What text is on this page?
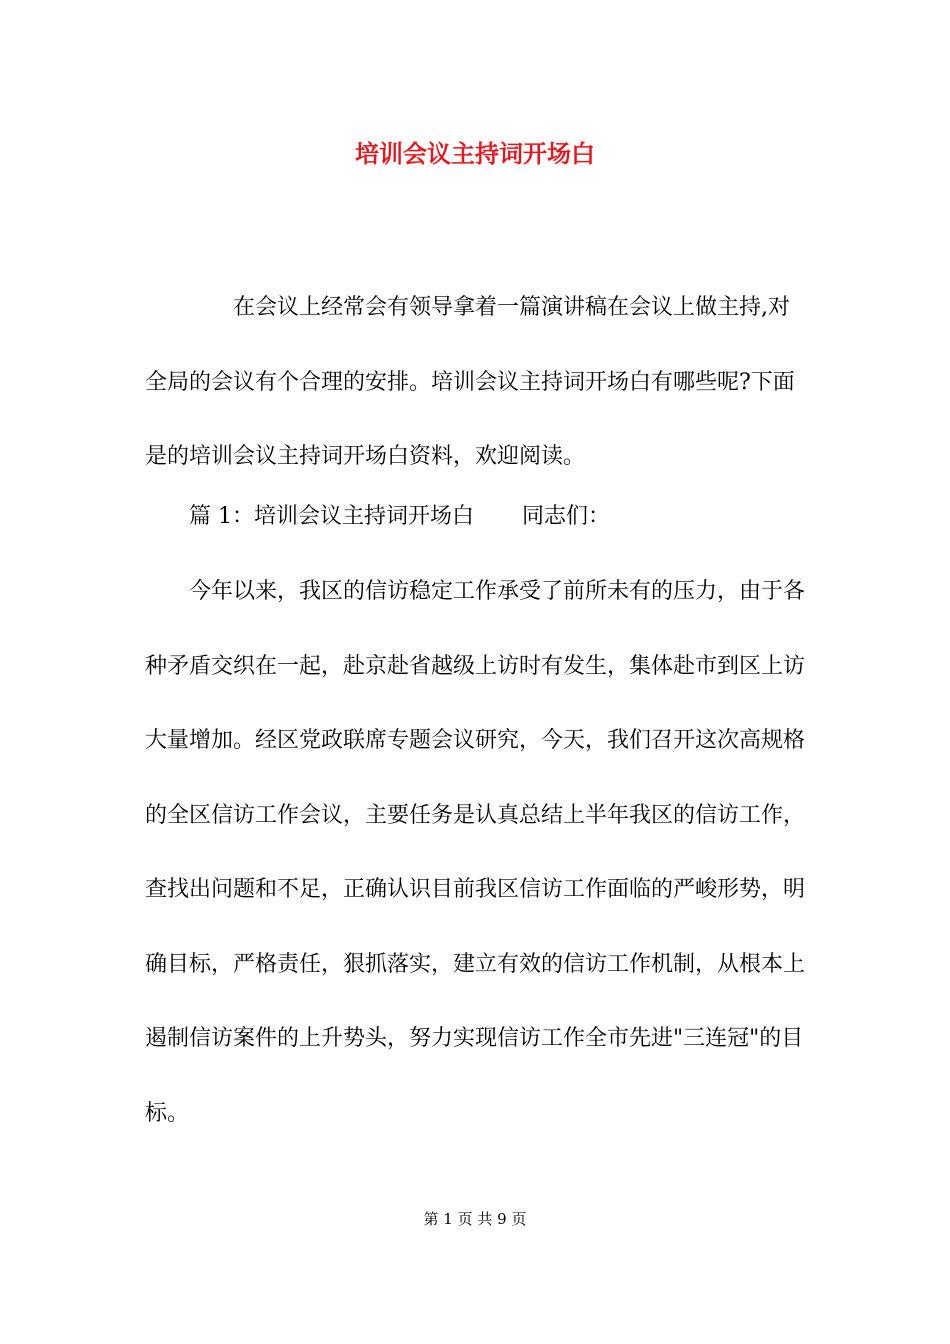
培训会议主持词开场白
在会议上经常会有领导拿着一篇演讲稿在会议上做主持,对全局的会议有个合理的安排。培训会议主持词开场白有哪些呢?下面是的培训会议主持词开场白资料，欢迎阅读。
篇 1：培训会议主持词开场白 同志们：
今年以来，我区的信访稳定工作承受了前所未有的压力，由于各种矛盾交织在一起，赴京赴省越级上访时有发生，集体赴市到区上访大量增加。经区党政联席专题会议研究，今天，我们召开这次高规格的全区信访工作会议，主要任务是认真总结上半年我区的信访工作，查找出问题和不足，正确认识目前我区信访工作面临的严峻形势，明确目标，严格责任，狠抓落实，建立有效的信访工作机制，从根本上遏制信访案件的上升势头，努力实现信访工作全市先进"三连冠"的目标。
第 1 页 共 9 页
